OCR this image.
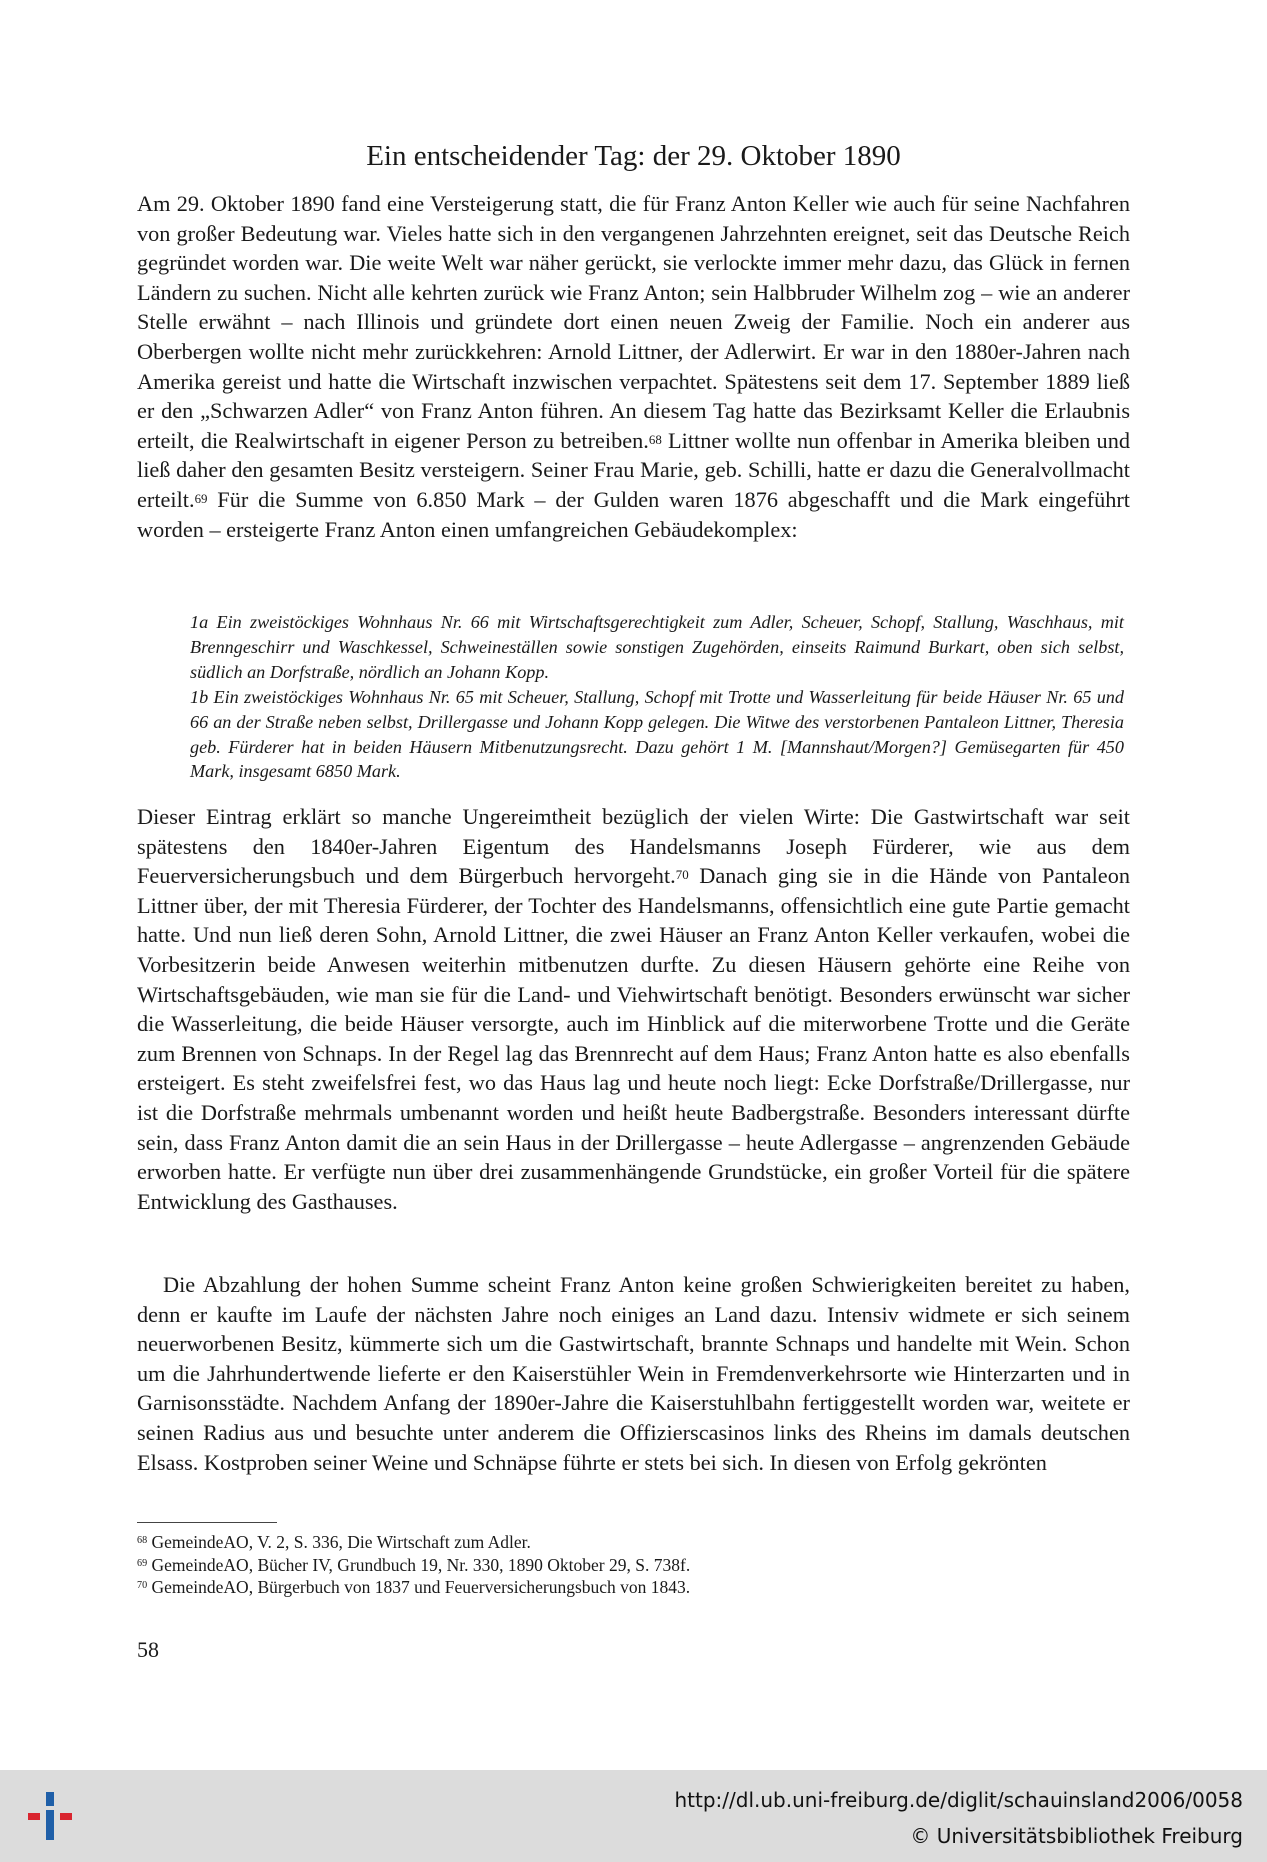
Ein entscheidender Tag: der 29. Oktober 1890

Am 29. Oktober 1890 fand eine Versteigerung statt, die für Franz Anton Keller wie auch für seine Nachfahren von großer Bedeutung war. Vieles hatte sich in den vergangenen Jahrzehnten ereignet, seit das Deutsche Reich gegründet worden war. Die weite Welt war näher gerückt, sie verlockte immer mehr dazu, das Glück in fernen Ländern zu suchen. Nicht alle kehrten zurück wie Franz Anton; sein Halbbruder Wilhelm zog – wie an anderer Stelle erwähnt – nach Illinois und gründete dort einen neuen Zweig der Familie. Noch ein anderer aus Oberbergen wollte nicht mehr zurückkehren: Arnold Littner, der Adlerwirt. Er war in den 1880er-Jahren nach Amerika gereist und hatte die Wirtschaft inzwischen verpachtet. Spätestens seit dem 17. September 1889 ließ er den „Schwarzen Adler“ von Franz Anton führen. An diesem Tag hatte das Bezirksamt Keller die Erlaubnis erteilt, die Realwirtschaft in eigener Person zu betreiben.$^{68}$ Littner wollte nun offenbar in Amerika bleiben und ließ daher den gesamten Besitz versteigern. Seiner Frau Marie, geb. Schilli, hatte er dazu die Generalvollmacht erteilt.$^{69}$ Für die Summe von 6.850 Mark – der Gulden waren 1876 abgeschafft und die Mark eingeführt worden – ersteigerte Franz Anton einen umfangreichen Gebäudekomplex:

1a Ein zweistöckiges Wohnhaus Nr. 66 mit Wirtschaftsgerechtigkeit zum Adler, Scheuer, Schopf, Stallung, Waschhaus, mit Brenngeschirr und Waschkessel, Schweineställen sowie sonstigen Zugehörden, einseits Raimund Burkart, oben sich selbst, südlich an Dorfstraße, nördlich an Johann Kopp.

1b Ein zweistöckiges Wohnhaus Nr. 65 mit Scheuer, Stallung, Schopf mit Trotte und Wasserleitung für beide Häuser Nr. 65 und 66 an der Straße neben selbst, Drillergasse und Johann Kopp gelegen. Die Witwe des verstorbenen Pantaleon Littner, Theresia geb. Fürderer hat in beiden Häusern Mitbenutzungsrecht. Dazu gehört 1 M. [Mannshaut/Morgen?] Gemüsegarten für 450 Mark, insgesamt 6850 Mark.

Dieser Eintrag erklärt so manche Ungereimtheit bezüglich der vielen Wirte: Die Gastwirtschaft war seit spätestens den 1840er-Jahren Eigentum des Handelsmanns Joseph Fürderer, wie aus dem Feuerversicherungsbuch und dem Bürgerbuch hervorgeht.$^{70}$ Danach ging sie in die Hände von Pantaleon Littner über, der mit Theresia Fürderer, der Tochter des Handelsmanns, offensichtlich eine gute Partie gemacht hatte. Und nun ließ deren Sohn, Arnold Littner, die zwei Häuser an Franz Anton Keller verkaufen, wobei die Vorbesitzerin beide Anwesen weiterhin mitbenutzen durfte. Zu diesen Häusern gehörte eine Reihe von Wirtschaftsgebäuden, wie man sie für die Land- und Viehwirtschaft benötigt. Besonders erwünscht war sicher die Wasserleitung, die beide Häuser versorgte, auch im Hinblick auf die miterworbene Trotte und die Geräte zum Brennen von Schnaps. In der Regel lag das Brennrecht auf dem Haus; Franz Anton hatte es also ebenfalls ersteigert. Es steht zweifelsfrei fest, wo das Haus lag und heute noch liegt: Ecke Dorfstraße/Drillergasse, nur ist die Dorfstraße mehrmals umbenannt worden und heißt heute Badbergstraße. Besonders interessant dürfte sein, dass Franz Anton damit die an sein Haus in der Drillergasse – heute Adlergasse – angrenzenden Gebäude erworben hatte. Er verfügte nun über drei zusammenhängende Grundstücke, ein großer Vorteil für die spätere Entwicklung des Gasthauses.

Die Abzahlung der hohen Summe scheint Franz Anton keine großen Schwierigkeiten bereitet zu haben, denn er kaufte im Laufe der nächsten Jahre noch einiges an Land dazu. Intensiv widmete er sich seinem neuerworbenen Besitz, kümmerte sich um die Gastwirtschaft, brannte Schnaps und handelte mit Wein. Schon um die Jahrhundertwende lieferte er den Kaiserstühler Wein in Fremdenverkehrsorte wie Hinterzarten und in Garnisonsstädte. Nachdem Anfang der 1890er-Jahre die Kaiserstuhlbahn fertiggestellt worden war, weitete er seinen Radius aus und besuchte unter anderem die Offizierscasinos links des Rheins im damals deutschen Elsass. Kostproben seiner Weine und Schnäpse führte er stets bei sich. In diesen von Erfolg gekrönten

$^{68}$ GemeindeAO, V. 2, S. 336, Die Wirtschaft zum Adler.
$^{69}$ GemeindeAO, Bücher IV, Grundbuch 19, Nr. 330, 1890 Oktober 29, S. 738f.
$^{70}$ GemeindeAO, Bürgerbuch von 1837 und Feuerversicherungsbuch von 1843.
58
http://dl.ub.uni-freiburg.de/diglit/schauinsland2006/0058
© Universitätsbibliothek Freiburg
